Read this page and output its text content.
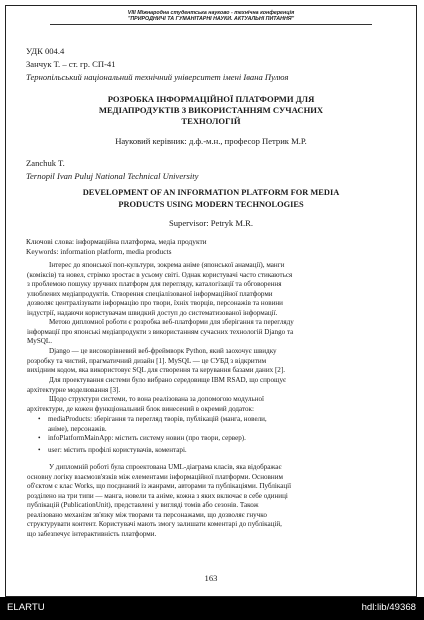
VIII Міжнародна студентська науково - технічна конференція
"ПРИРОДНИЧІ ТА ГУМАНІТАРНІ НАУКИ. АКТУАЛЬНІ ПИТАННЯ"
УДК 004.4
Занчук Т. – ст. гр. СП-41
Тернопільський національний технічний університет імені Івана Пулюя
РОЗРОБКА ІНФОРМАЦІЙНОЇ ПЛАТФОРМИ ДЛЯ
МЕДІАПРОДУКТІВ З ВИКОРИСТАННЯМ СУЧАСНИХ
ТЕХНОЛОГІЙ
Науковий керівник: д.ф.-м.н., професор Петрик М.Р.
Zanchuk T.
Ternopil Ivan Puluj National Technical University
DEVELOPMENT OF AN INFORMATION PLATFORM FOR MEDIA
PRODUCTS USING MODERN TECHNOLOGIES
Supervisor: Petryk M.R.
Ключові слова: інформаційна платформа, медіа продукти
Keywords: information platform, media products
Інтерес до японської поп-культури, зокрема аніме (японської анамації), манги
(коміксів) та новел, стрімко зростає в усьому світі. Однак користувачі часто стикаються
з проблемою пошуку зручних платформ для перегляду, каталогізації та обговорення
улюблених медіапродуктів. Створення спеціалізованої інформаційної платформи
дозволяє централізувати інформацію про твори, їхніх творців, персонажів та новини
індустрії, надаючи користувачам швидкий доступ до систематизованої інформації.
Метою дипломної роботи є розробка веб-платформи для зберігання та перегляду
інформації про японські медіапродукти з використанням сучасних технологій Django та
MySQL.
Django — це високорівневий веб-фреймворк Python, який заохочує швидку
розробку та чистий, прагматичний дизайн [1]. MySQL — це СУБД з відкритим
вихідним кодом, яка використовує SQL для створення та керування базами даних [2].
Для проектування системи було вибрано середовище IBM RSAD, що спрощує
архітектурне моделювання [3].
Щодо структури системи, то вона реалізована за допомогою модульної
архітектури, де кожен функціональний блок винесений в окремий додаток:
• mediaProducts: зберігання та перегляд творів, публікацій (манга, новели,
аніме), персонажів.
• infoPlatformMainApp: містить систему новин (про твори, сервер).
• user: містить профілі користувачів, коментарі.
У дипломній роботі була спроектована UML-діаграма класів, яка відображає
основну логіку взаємозв'язків між елементами інформаційної платформи. Основним
об'єктом є клас Works, що поєднаний із жанрами, авторами та публікаціями. Публікації
розділено на три типи — манга, новели та аніме, кожна з яких включає в себе одиниці
публікацій (PublicationUnit), представлені у вигляді томів або сезонів. Також
реалізовано механізм зв'язку між творами та персонажами, що дозволяє гнучко
структурувати контент. Користувачі мають змогу залишати коментарі до публікацій,
що забезпечує інтерактивність платформи.
163
ELARTU	hdl:lib/49368
